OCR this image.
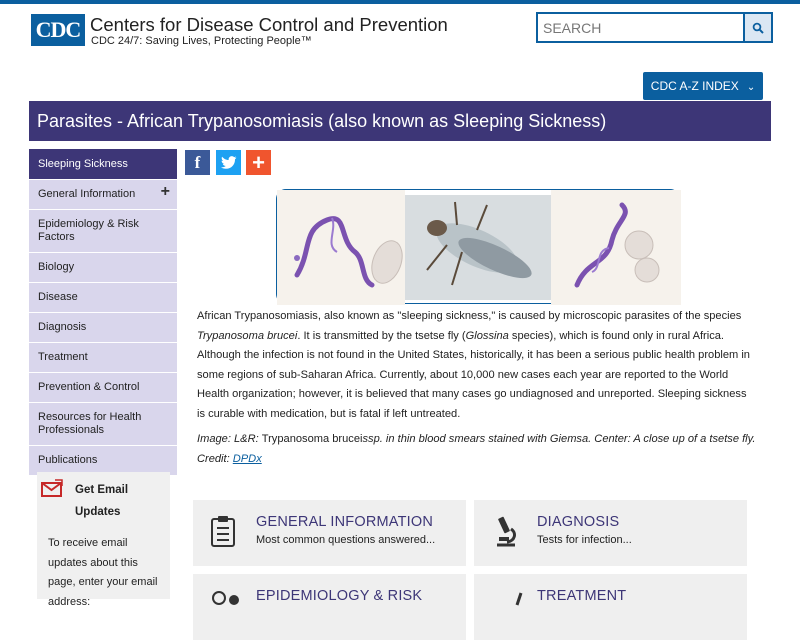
CDC Centers for Disease Control and Prevention
CDC 24/7: Saving Lives, Protecting People™
SEARCH
CDC A-Z INDEX ⌄
Parasites - African Trypanosomiasis (also known as Sleeping Sickness)
Sleeping Sickness
General Information +
Epidemiology & Risk Factors
Biology
Disease
Diagnosis
Treatment
Prevention & Control
Resources for Health Professionals
Publications
Get Email Updates
To receive email updates about this page, enter your email address:
f +
African Trypanosomiasis, also known as "sleeping sickness," is caused by microscopic parasites of the species Trypanosoma brucei. It is transmitted by the tsetse fly (Glossina species), which is found only in rural Africa. Although the infection is not found in the United States, historically, it has been a serious public health problem in some regions of sub-Saharan Africa. Currently, about 10,000 new cases each year are reported to the World Health organization; however, it is believed that many cases go undiagnosed and unreported. Sleeping sickness is curable with medication, but is fatal if left untreated.
Image: L&R: Trypanosoma bruceissp. in thin blood smears stained with Giemsa. Center: A close up of a tsetse fly. Credit: DPDx
GENERAL INFORMATION
Most common questions answered...
DIAGNOSIS
Tests for infection...
EPIDEMIOLOGY & RISK	TREATMENT
